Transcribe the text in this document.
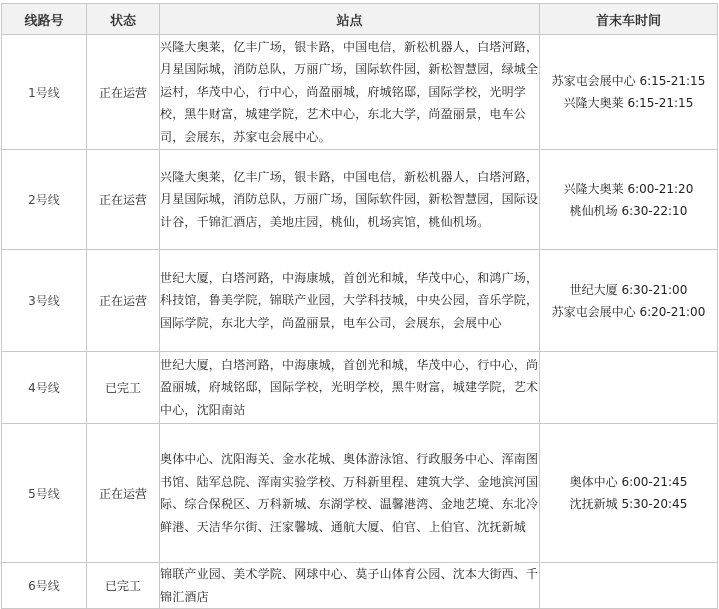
线路号	状态	站点	首末车时间
1号线	正在运营	兴隆大奥莱，亿丰广场，银卡路，中国电信，新松机器人，白塔河路，月星国际城，消防总队，万丽广场，国际软件园，新松智慧园，绿城全运村，华茂中心，行中心，尚盈丽城，府城铭邸，国际学校，光明学校，黑牛财富，城建学院，艺术中心，东北大学，尚盈丽景，电车公司，会展东，苏家屯会展中心。	苏家屯会展中心 6:15-21:15
兴隆大奥莱 6:15-21:15

2号线	正在运营	兴隆大奥莱，亿丰广场，银卡路，中国电信，新松机器人，白塔河路，月星国际城，消防总队，万丽广场，国际软件园，新松智慧园，国际设计谷，千锦汇酒店，美地庄园，桃仙，机场宾馆，桃仙机场。	兴隆大奥莱 6:00-21:20
桃仙机场 6:30-22:10

3号线	正在运营	世纪大厦，白塔河路，中海康城，首创光和城，华茂中心，和鸿广场，科技馆，鲁美学院，锦联产业园，大学科技城，中央公园，音乐学院，国际学院，东北大学，尚盈丽景，电车公司，会展东，会展中心	世纪大厦 6:30-21:00
苏家屯会展中心 6:20-21:00

4号线	已完工	世纪大厦，白塔河路，中海康城，首创光和城，华茂中心，行中心，尚盈丽城，府城铭邸，国际学校，光明学校，黑牛财富，城建学院，艺术中心，沈阳南站	
5号线	正在运营	奥体中心、沈阳海关、金水花城、奥体游泳馆、行政服务中心、浑南图书馆、陆军总院、浑南实验学校、万科新里程、建筑大学、金地滨河国际、综合保税区、万科新城、东湖学校、温馨港湾、金地艺境、东北冷鲜港、天洁华尔街、汪家馨城、通航大厦、伯官、上伯官、沈抚新城	奥体中心 6:00-21:45
沈抚新城 5:30-20:45

6号线	已完工	锦联产业园、美术学院、网球中心、莫子山体育公园、沈本大街西、千锦汇酒店	
